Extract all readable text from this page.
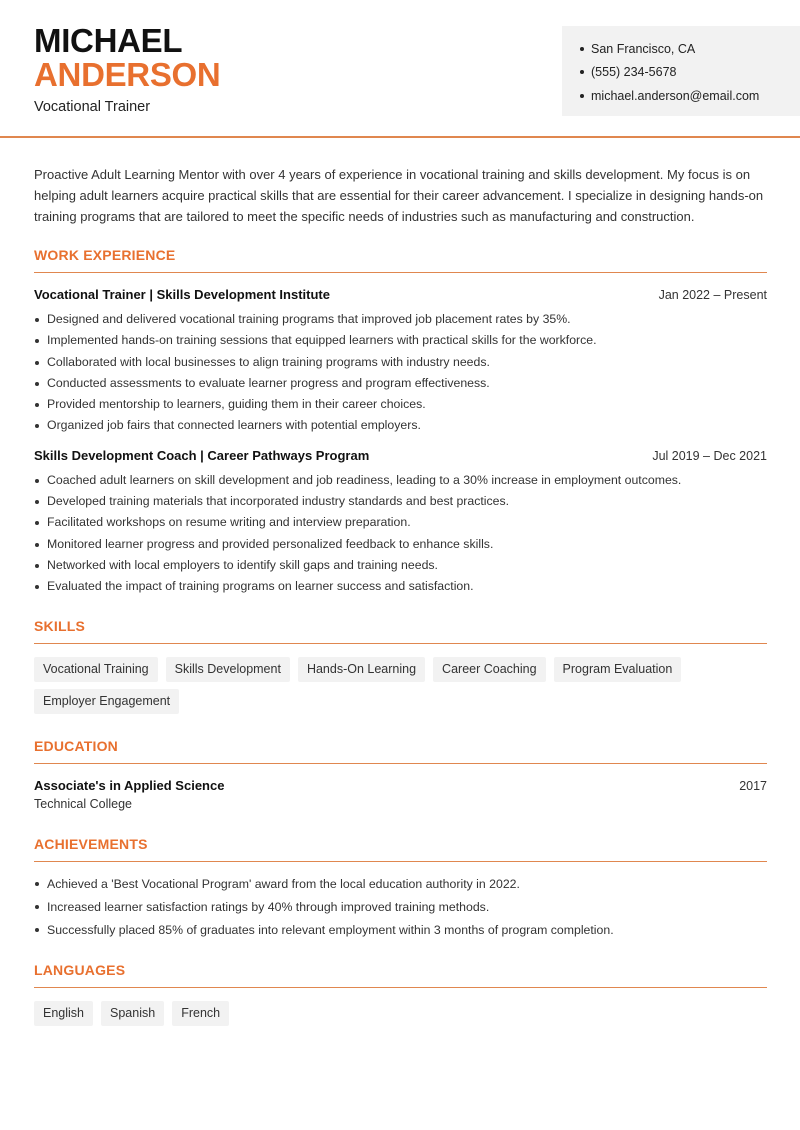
MICHAEL
ANDERSON
Vocational Trainer
San Francisco, CA
(555) 234-5678
michael.anderson@email.com

Proactive Adult Learning Mentor with over 4 years of experience in vocational training and skills development. My focus is on helping adult learners acquire practical skills that are essential for their career advancement. I specialize in designing hands-on training programs that are tailored to meet the specific needs of industries such as manufacturing and construction.

WORK EXPERIENCE
Vocational Trainer | Skills Development Institute	Jan 2022 – Present
Designed and delivered vocational training programs that improved job placement rates by 35%.
Implemented hands-on training sessions that equipped learners with practical skills for the workforce.
Collaborated with local businesses to align training programs with industry needs.
Conducted assessments to evaluate learner progress and program effectiveness.
Provided mentorship to learners, guiding them in their career choices.
Organized job fairs that connected learners with potential employers.
Skills Development Coach | Career Pathways Program	Jul 2019 – Dec 2021
Coached adult learners on skill development and job readiness, leading to a 30% increase in employment outcomes.
Developed training materials that incorporated industry standards and best practices.
Facilitated workshops on resume writing and interview preparation.
Monitored learner progress and provided personalized feedback to enhance skills.
Networked with local employers to identify skill gaps and training needs.
Evaluated the impact of training programs on learner success and satisfaction.
SKILLS
Vocational Training	Skills Development	Hands-On Learning	Career Coaching	Program Evaluation
Employer Engagement
EDUCATION
Associate's in Applied Science	2017
Technical College
ACHIEVEMENTS
Achieved a 'Best Vocational Program' award from the local education authority in 2022.
Increased learner satisfaction ratings by 40% through improved training methods.
Successfully placed 85% of graduates into relevant employment within 3 months of program completion.
LANGUAGES
English	Spanish	French
